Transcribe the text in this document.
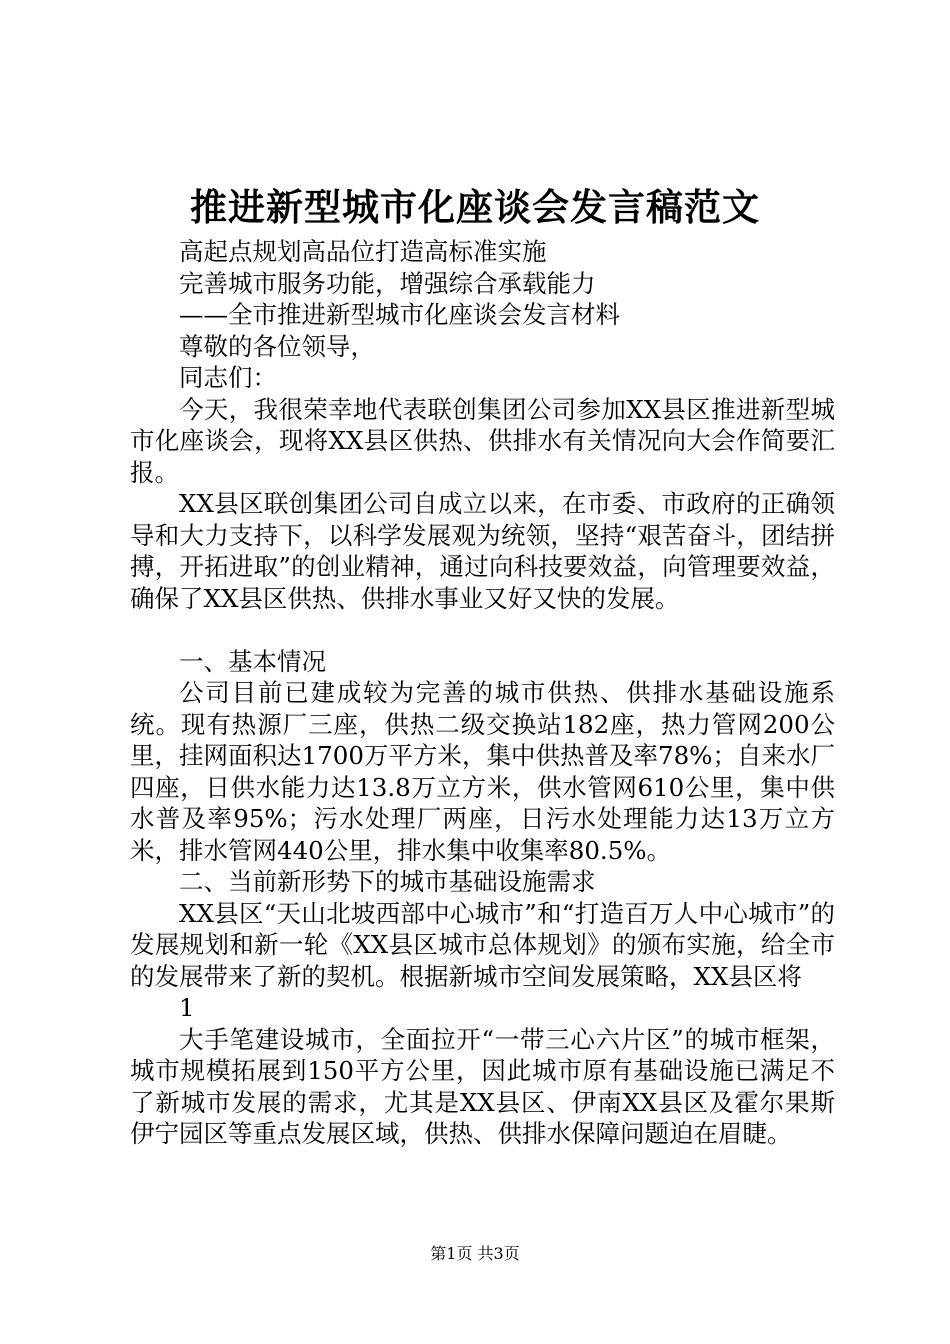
推进新型城市化座谈会发言稿范文

高起点规划高品位打造高标准实施

完善城市服务功能，增强综合承载能力

——全市推进新型城市化座谈会发言材料

尊敬的各位领导，

同志们：

今天，我很荣幸地代表联创集团公司参加XX县区推进新型城市化座谈会，现将XX县区供热、供排水有关情况向大会作简要汇报。

XX县区联创集团公司自成立以来，在市委、市政府的正确领导和大力支持下，以科学发展观为统领，坚持“艰苦奋斗，团结拼搏，开拓进取”的创业精神，通过向科技要效益，向管理要效益，确保了XX县区供热、供排水事业又好又快的发展。

一、基本情况

公司目前已建成较为完善的城市供热、供排水基础设施系统。现有热源厂三座，供热二级交换站182座，热力管网200公里，挂网面积达1700万平方米，集中供热普及率78%；自来水厂四座，日供水能力达13.8万立方米，供水管网610公里，集中供水普及率95%；污水处理厂两座，日污水处理能力达13万立方米，排水管网440公里，排水集中收集率80.5%。

二、当前新形势下的城市基础设施需求

XX县区“天山北坡西部中心城市”和“打造百万人中心城市”的发展规划和新一轮《XX县区城市总体规划》的颁布实施，给全市的发展带来了新的契机。根据新城市空间发展策略，XX县区将

1

大手笔建设城市，全面拉开“一带三心六片区”的城市框架，城市规模拓展到150平方公里，因此城市原有基础设施已满足不了新城市发展的需求，尤其是XX县区、伊南XX县区及霍尔果斯伊宁园区等重点发展区域，供热、供排水保障问题迫在眉睫。

第1页 共3页
